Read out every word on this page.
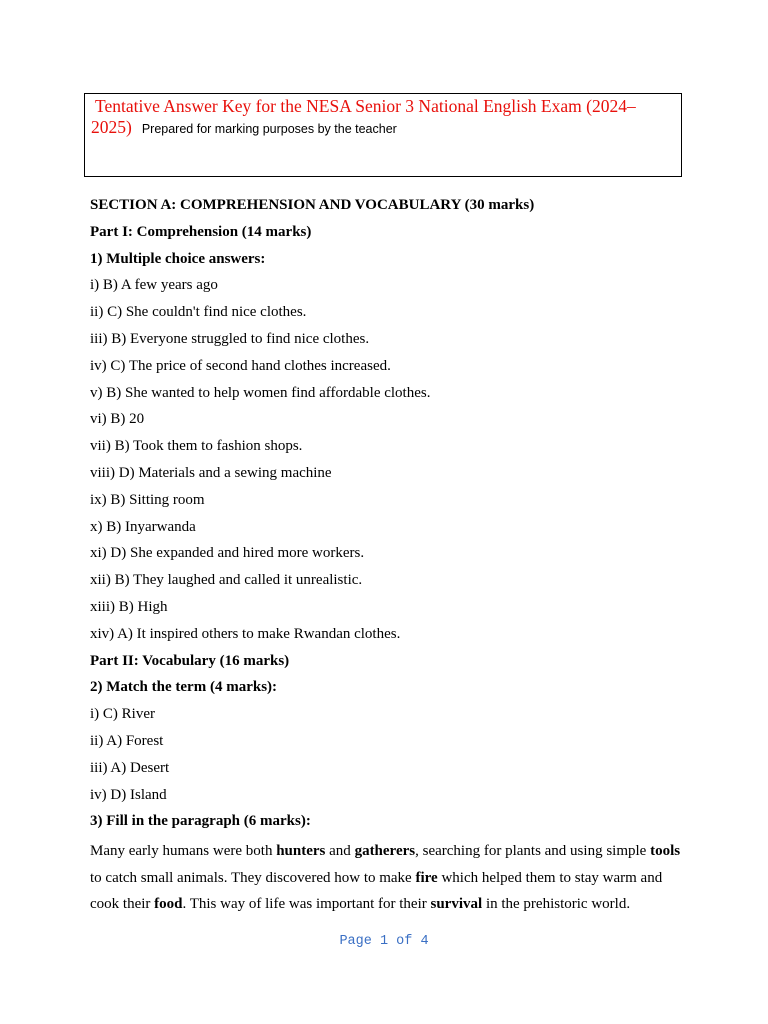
Tentative Answer Key for the NESA Senior 3 National English Exam (2024–
2025) Prepared for marking purposes by the teacher
SECTION A: COMPREHENSION AND VOCABULARY (30 marks)
Part I: Comprehension (14 marks)
1) Multiple choice answers:
i) B) A few years ago
ii) C) She couldn't find nice clothes.
iii) B) Everyone struggled to find nice clothes.
iv) C) The price of second hand clothes increased.
v) B) She wanted to help women find affordable clothes.
vi) B) 20
vii) B) Took them to fashion shops.
viii) D) Materials and a sewing machine
ix) B) Sitting room
x) B) Inyarwanda
xi) D) She expanded and hired more workers.
xii) B) They laughed and called it unrealistic.
xiii) B) High
xiv) A) It inspired others to make Rwandan clothes.
Part II: Vocabulary (16 marks)
2) Match the term (4 marks):
i) C) River
ii) A) Forest
iii) A) Desert
iv) D) Island
3) Fill in the paragraph (6 marks):
Many early humans were both hunters and gatherers, searching for plants and using simple tools to catch small animals. They discovered how to make fire which helped them to stay warm and cook their food. This way of life was important for their survival in the prehistoric world.
Page 1 of 4
